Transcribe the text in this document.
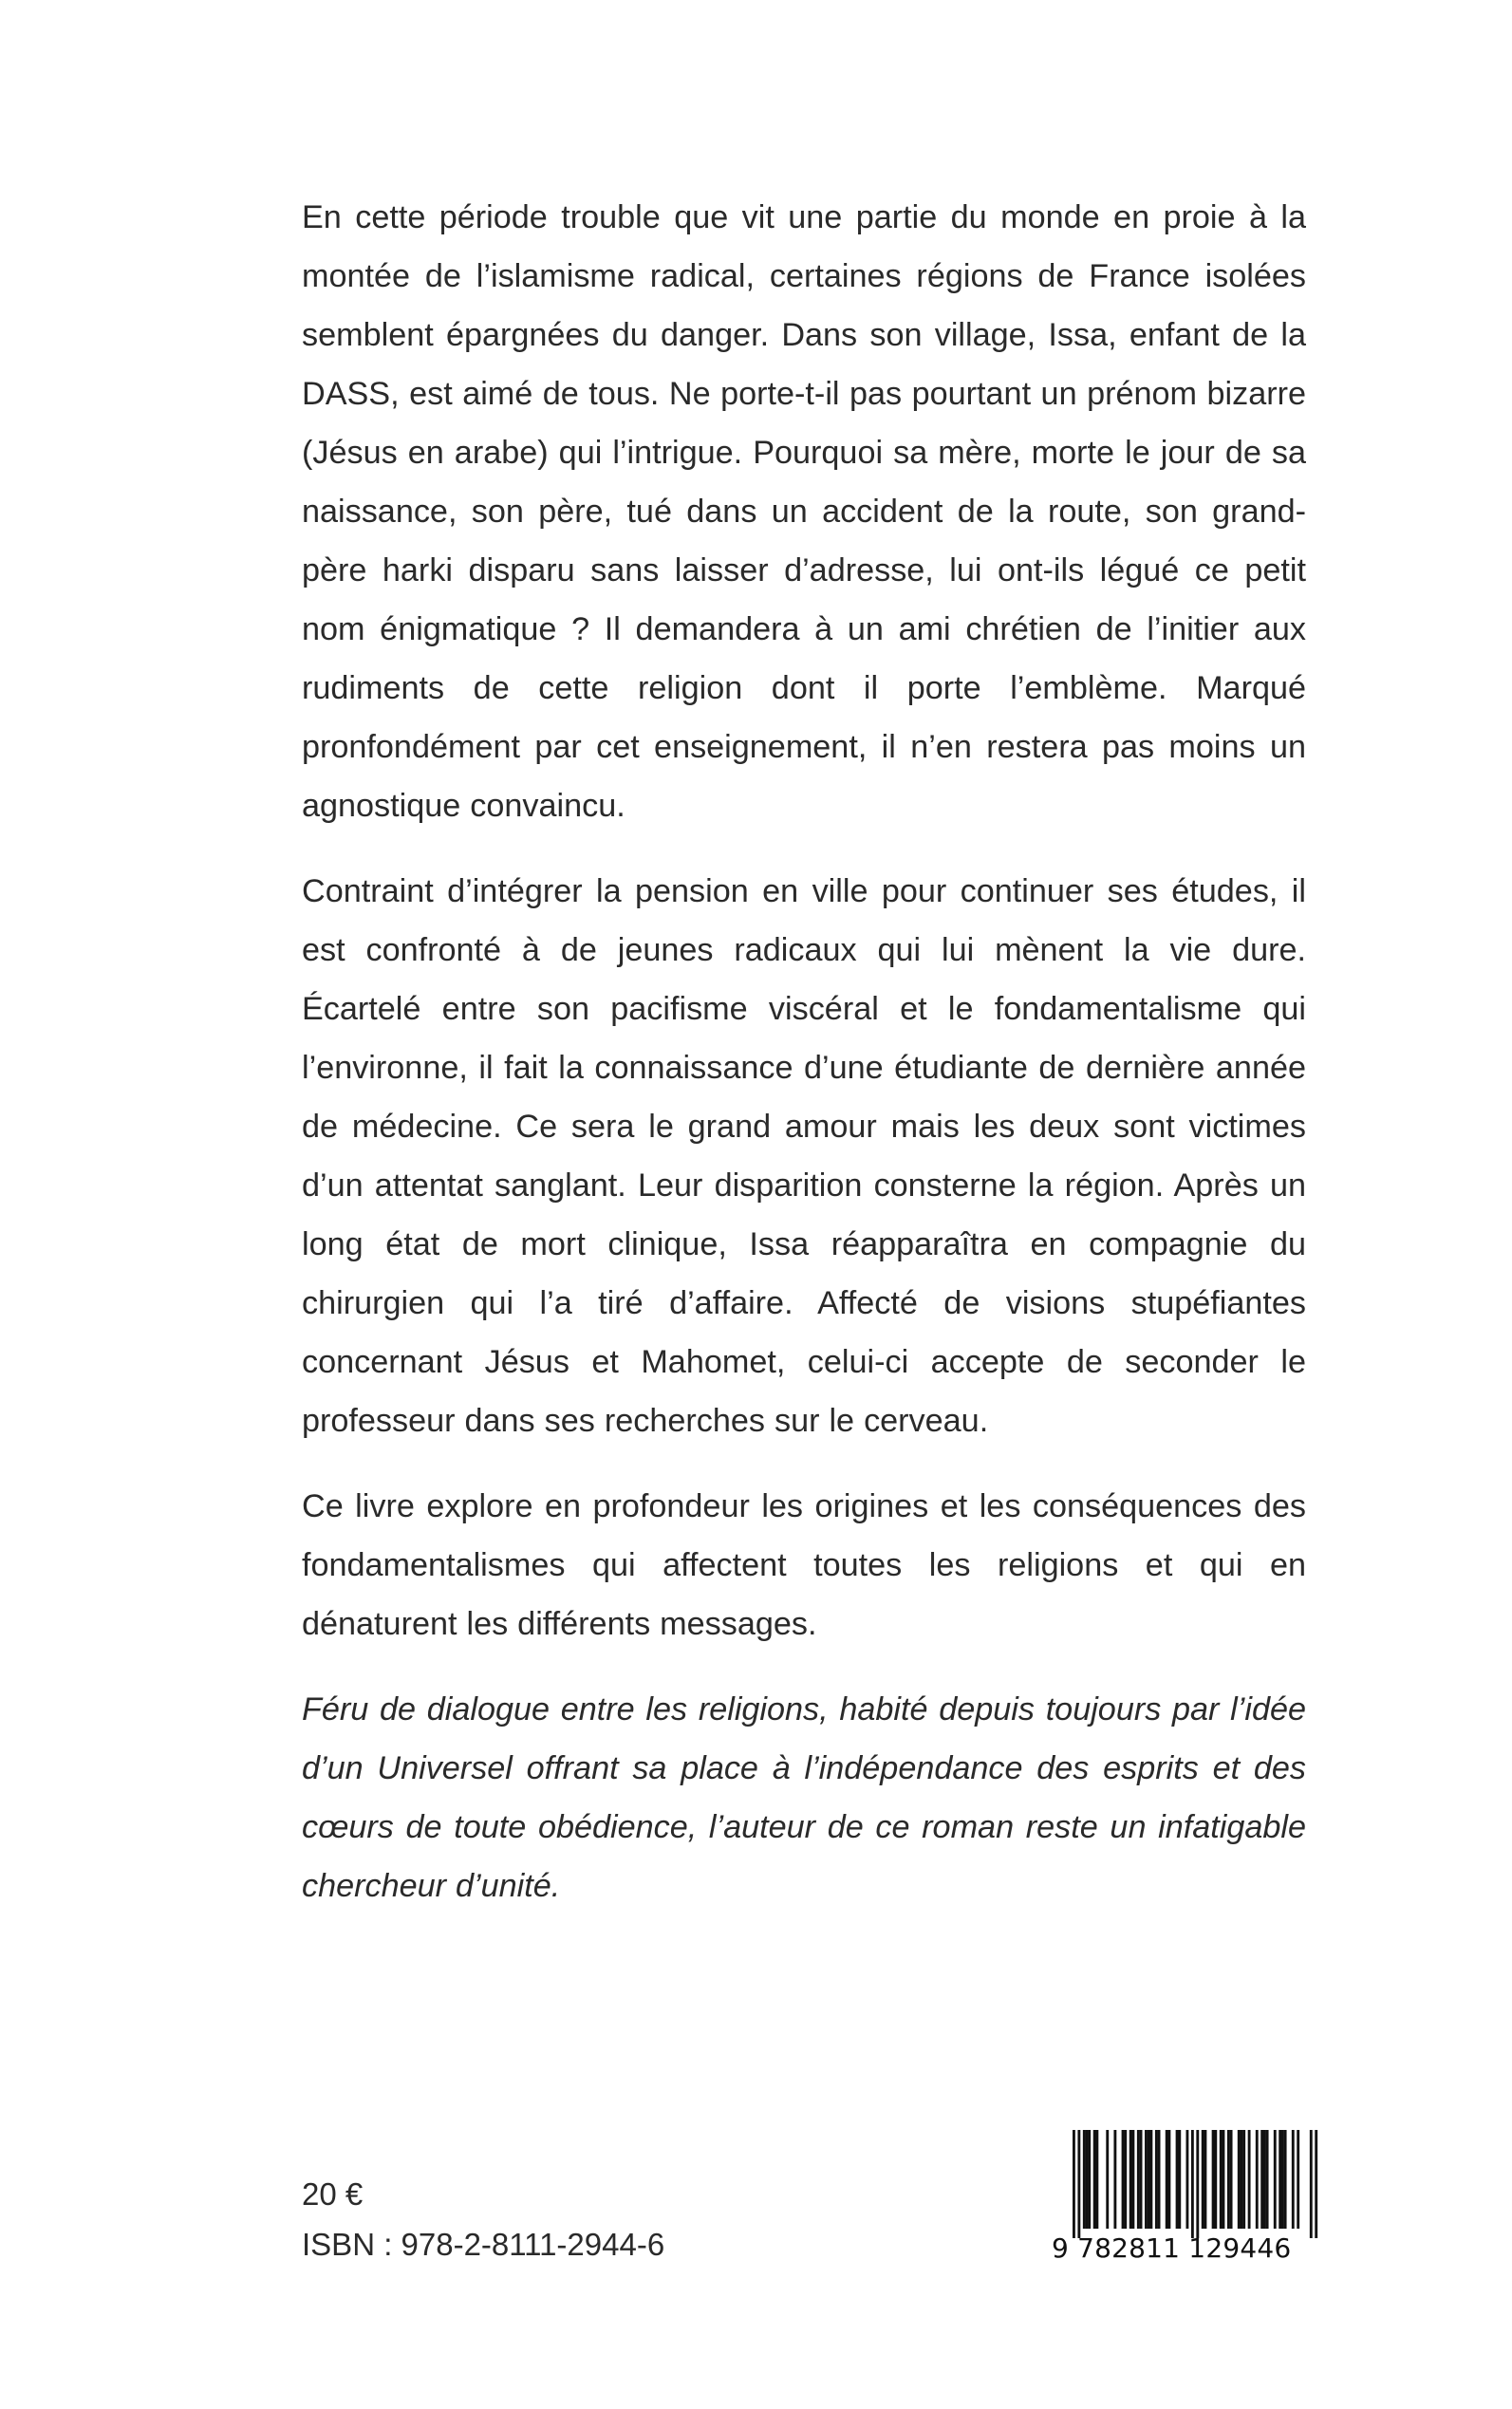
En cette période trouble que vit une partie du monde en proie à la montée de l’islamisme radical, certaines régions de France isolées semblent épargnées du danger. Dans son village, Issa, enfant de la DASS, est aimé de tous. Ne porte-t-il pas pourtant un prénom bizarre (Jésus en arabe) qui l’intrigue. Pourquoi sa mère, morte le jour de sa naissance, son père, tué dans un accident de la route, son grand-père harki disparu sans laisser d’adresse, lui ont-ils légué ce petit nom énigmatique ? Il demandera à un ami chrétien de l’initier aux rudiments de cette religion dont il porte l’emblème. Marqué pronfondément par cet enseignement, il n’en restera pas moins un agnostique convaincu.

Contraint d’intégrer la pension en ville pour continuer ses études, il est confronté à de jeunes radicaux qui lui mènent la vie dure. Écartelé entre son pacifisme viscéral et le fondamentalisme qui l’environne, il fait la connaissance d’une étudiante de dernière année de médecine. Ce sera le grand amour mais les deux sont victimes d’un attentat sanglant. Leur disparition consterne la région. Après un long état de mort clinique, Issa réapparaîtra en compagnie du chirurgien qui l’a tiré d’affaire. Affecté de visions stupéfiantes concernant Jésus et Mahomet, celui-ci accepte de seconder le professeur dans ses recherches sur le cerveau.

Ce livre explore en profondeur les origines et les conséquences des fondamentalismes qui affectent toutes les religions et qui en dénaturent les différents messages.

Féru de dialogue entre les religions, habité depuis toujours par l’idée d’un Universel offrant sa place à l’indépendance des esprits et des cœurs de toute obédience, l’auteur de ce roman reste un infatigable chercheur d’unité.

20 €
ISBN : 978-2-8111-2944-6	9 782811 129446
